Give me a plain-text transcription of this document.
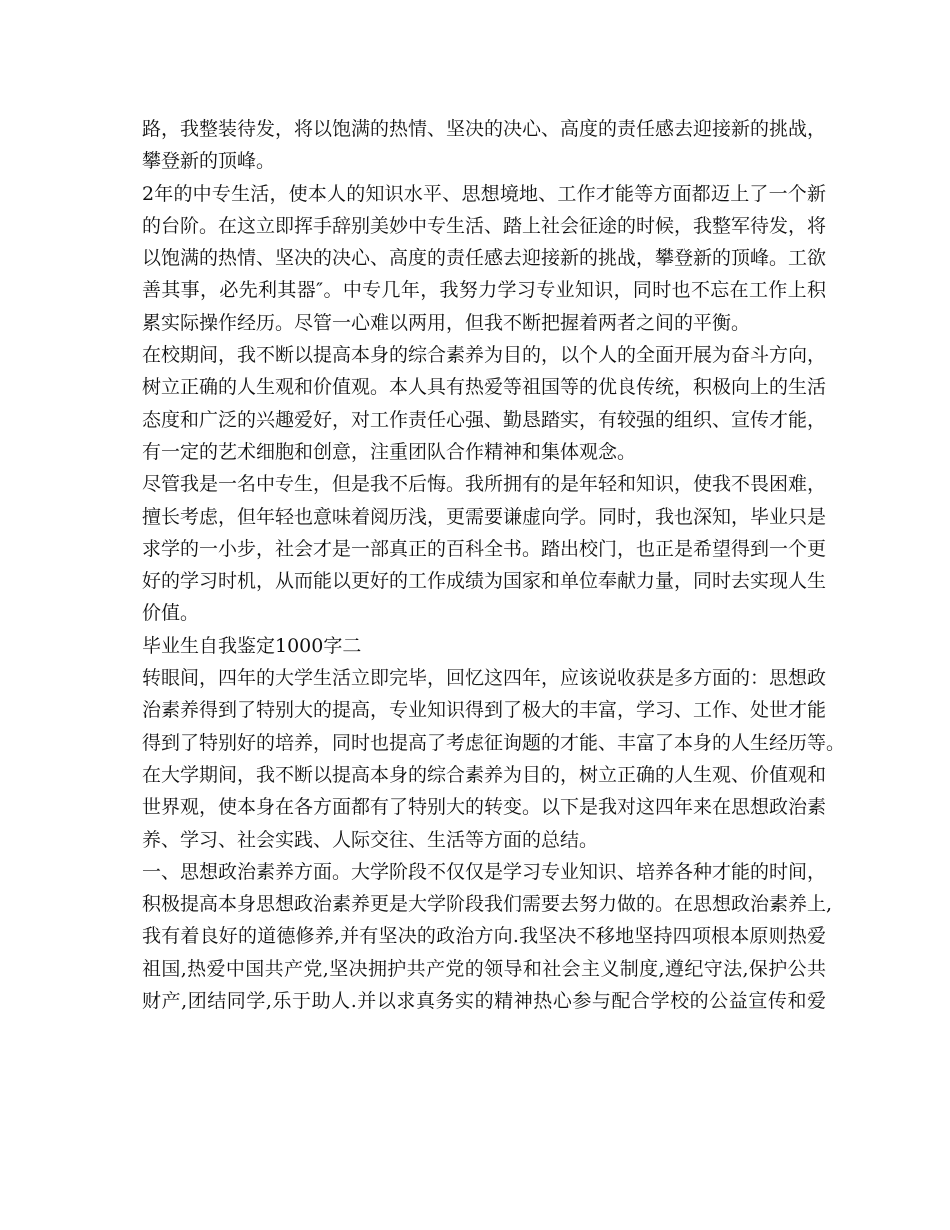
路，我整装待发，将以饱满的热情、坚决的决心、高度的责任感去迎接新的挑战，
攀登新的顶峰。
2年的中专生活，使本人的知识水平、思想境地、工作才能等方面都迈上了一个新
的台阶。在这立即挥手辞别美妙中专生活、踏上社会征途的时候，我整军待发，将
以饱满的热情、坚决的决心、高度的责任感去迎接新的挑战，攀登新的顶峰。工欲
善其事，必先利其器″。中专几年，我努力学习专业知识，同时也不忘在工作上积
累实际操作经历。尽管一心难以两用，但我不断把握着两者之间的平衡。
在校期间，我不断以提高本身的综合素养为目的，以个人的全面开展为奋斗方向，
树立正确的人生观和价值观。本人具有热爱等祖国等的优良传统，积极向上的生活
态度和广泛的兴趣爱好，对工作责任心强、勤恳踏实，有较强的组织、宣传才能，
有一定的艺术细胞和创意，注重团队合作精神和集体观念。
尽管我是一名中专生，但是我不后悔。我所拥有的是年轻和知识，使我不畏困难，
擅长考虑，但年轻也意味着阅历浅，更需要谦虚向学。同时，我也深知，毕业只是
求学的一小步，社会才是一部真正的百科全书。踏出校门，也正是希望得到一个更
好的学习时机，从而能以更好的工作成绩为国家和单位奉献力量，同时去实现人生
价值。
毕业生自我鉴定1000字二
转眼间，四年的大学生活立即完毕，回忆这四年，应该说收获是多方面的：思想政
治素养得到了特别大的提高，专业知识得到了极大的丰富，学习、工作、处世才能
得到了特别好的培养，同时也提高了考虑征询题的才能、丰富了本身的人生经历等。
在大学期间，我不断以提高本身的综合素养为目的，树立正确的人生观、价值观和
世界观，使本身在各方面都有了特别大的转变。以下是我对这四年来在思想政治素
养、学习、社会实践、人际交往、生活等方面的总结。
一、思想政治素养方面。大学阶段不仅仅是学习专业知识、培养各种才能的时间，
积极提高本身思想政治素养更是大学阶段我们需要去努力做的。在思想政治素养上,
我有着良好的道德修养,并有坚决的政治方向.我坚决不移地坚持四项根本原则热爱
祖国,热爱中国共产党,坚决拥护共产党的领导和社会主义制度,遵纪守法,保护公共
财产,团结同学,乐于助人.并以求真务实的精神热心参与配合学校的公益宣传和爱
